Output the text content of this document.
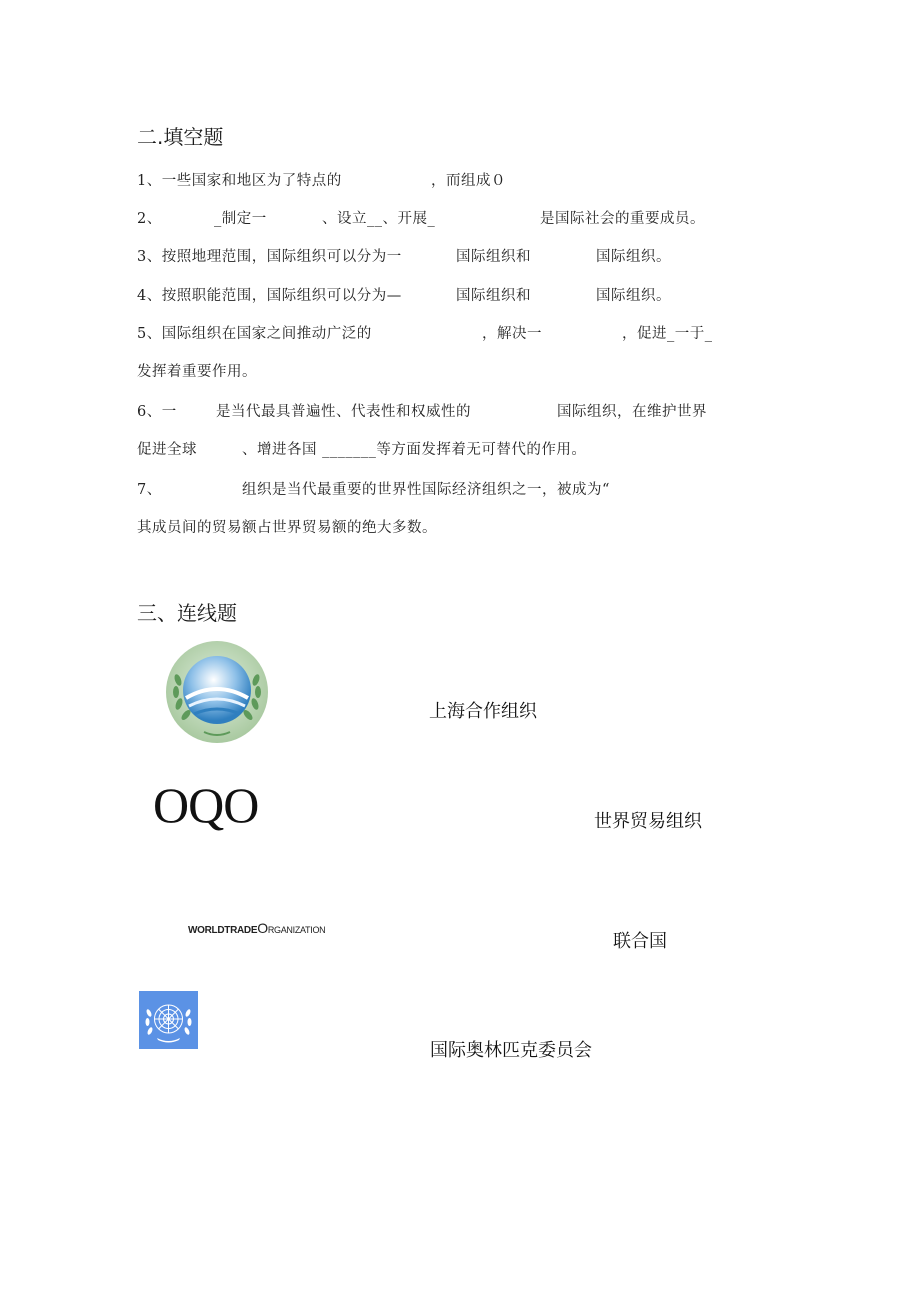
二.填空题
1、一些国家和地区为了特点的	，而组成０
2、	_制定一	、设立__、开展_	是国际社会的重要成员。
3、按照地理范围，国际组织可以分为一	国际组织和	国际组织。
4、按照职能范围，国际组织可以分为—	国际组织和	国际组织。
5、国际组织在国家之间推动广泛的	，解决一	，促进_一于_
发挥着重要作用。
6、一	是当代最具普遍性、代表性和权威性的	国际组织，在维护世界
促进全球	、增进各国 _______等方面发挥着无可替代的作用。
7、	组织是当代最重要的世界性国际经济组织之一，被成为“
其成员间的贸易额占世界贸易额的绝大多数。
三、连线题
OQO
WORLDTRADEORGANIZATION
上海合作组织
世界贸易组织
联合国
国际奥林匹克委员会
